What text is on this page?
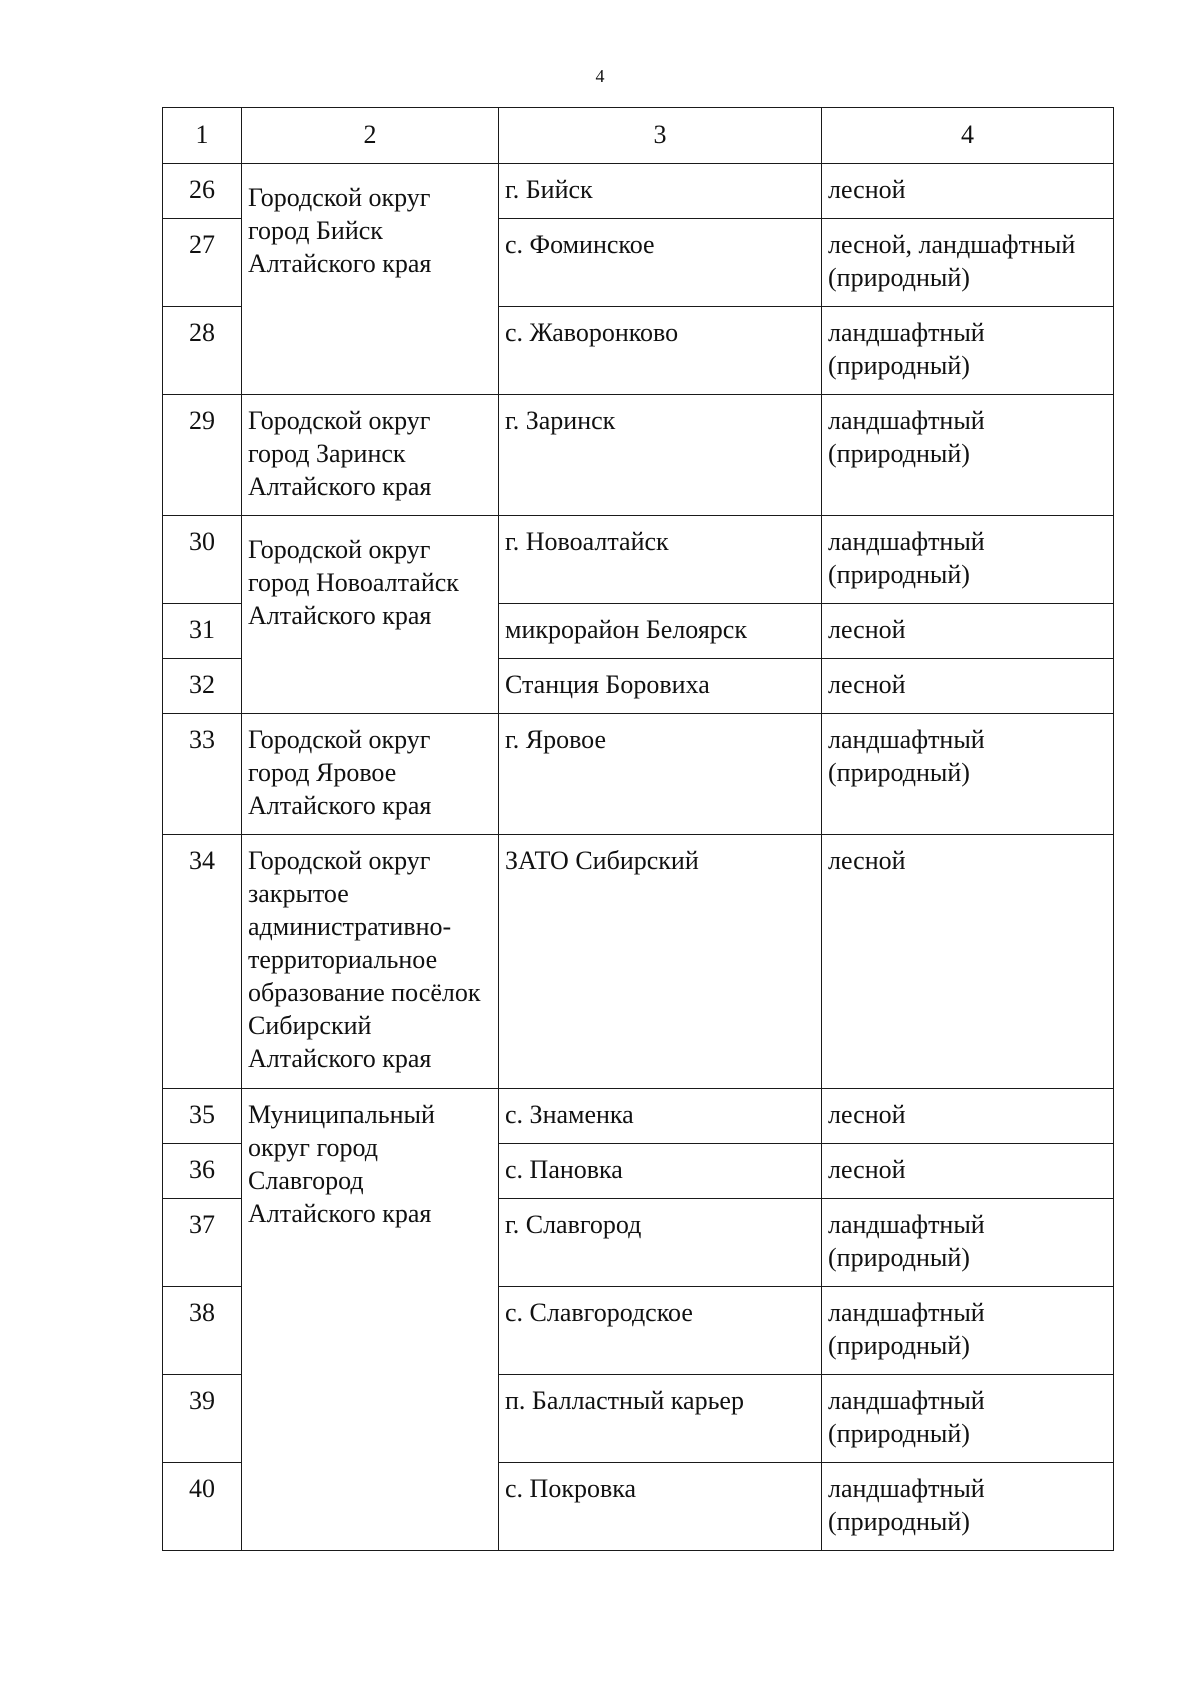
4
1	2	3	4
26	Городской округ город Бийск Алтайского края	г. Бийск	лесной
27		с. Фоминское	лесной, ландшафтный (природный)
28		с. Жаворонково	ландшафтный (природный)
29	Городской округ город Заринск Алтайского края	г. Заринск	ландшафтный (природный)
30	Городской округ город Новоалтайск Алтайского края	г. Новоалтайск	ландшафтный (природный)
31		микрорайон Белоярск	лесной
32		Станция Боровиха	лесной
33	Городской округ город Яровое Алтайского края	г. Яровое	ландшафтный (природный)
34	Городской округ закрытое административно-территориальное образование посёлок Сибирский Алтайского края	ЗАТО Сибирский	лесной
35	Муниципальный округ город Славгород Алтайского края	с. Знаменка	лесной
36		с. Пановка	лесной
37		г. Славгород	ландшафтный (природный)
38		с. Славгородское	ландшафтный (природный)
39		п. Балластный карьер	ландшафтный (природный)
40		с. Покровка	ландшафтный (природный)
